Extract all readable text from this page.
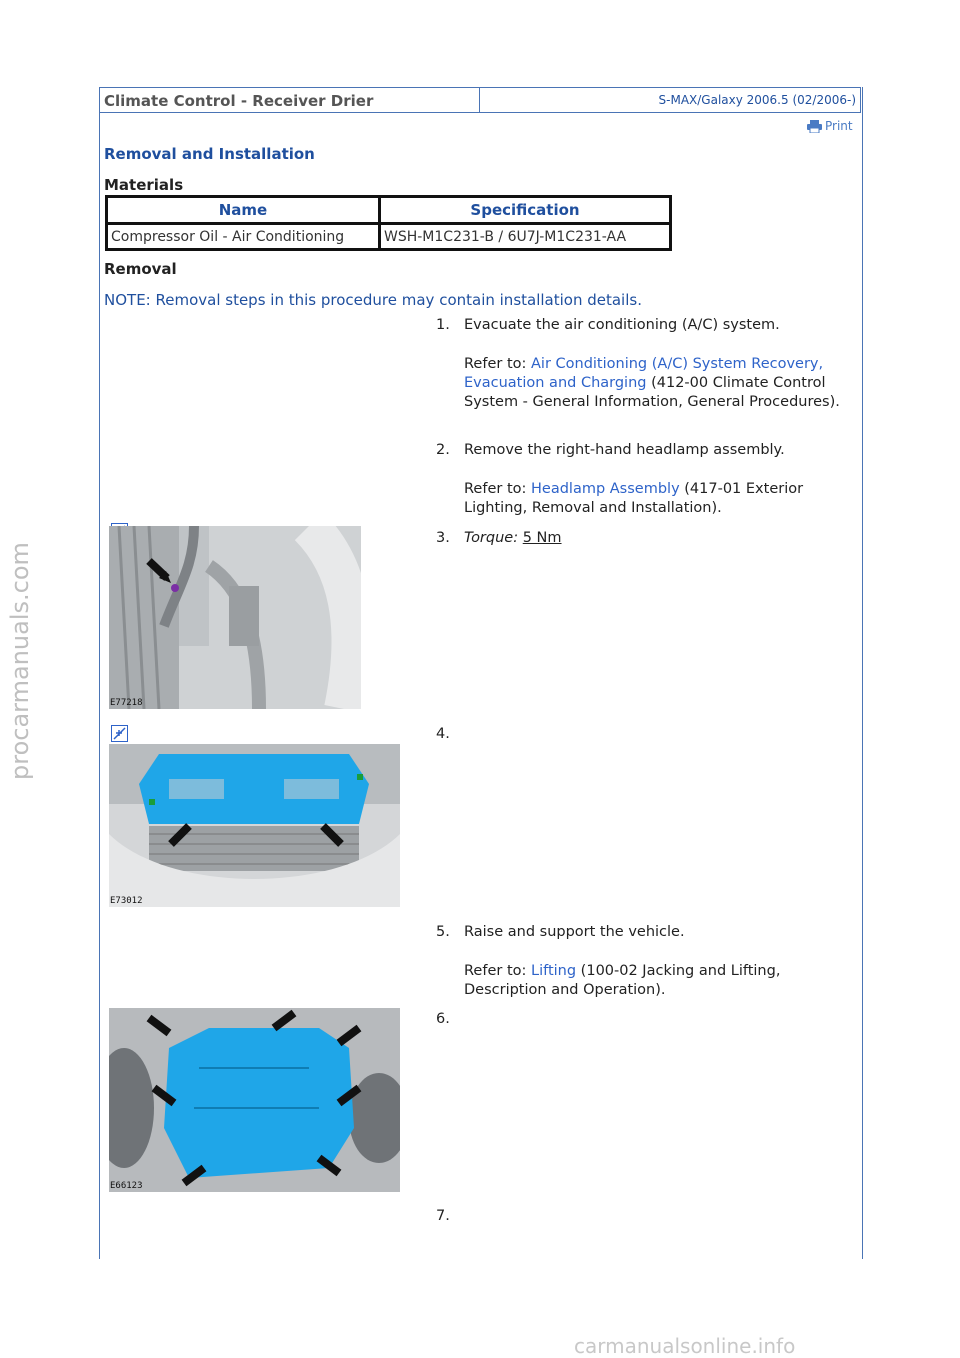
Climate Control - Receiver Drier	S-MAX/Galaxy 2006.5 (02/2006-)
Print
Removal and Installation
Materials
Name	Specification
Compressor Oil - Air Conditioning	WSH-M1C231-B / 6U7J-M1C231-AA
Removal
NOTE: Removal steps in this procedure may contain installation details.
1. Evacuate the air conditioning (A/C) system.
Refer to: Air Conditioning (A/C) System Recovery, Evacuation and Charging (412-00 Climate Control System - General Information, General Procedures).
2. Remove the right-hand headlamp assembly.
Refer to: Headlamp Assembly (417-01 Exterior Lighting, Removal and Installation).
E77218
3. Torque: 5 Nm
E73012
4.
5. Raise and support the vehicle.
Refer to: Lifting (100-02 Jacking and Lifting, Description and Operation).
E66123
6.
7.
procarmanuals.com
carmanualsonline.info
